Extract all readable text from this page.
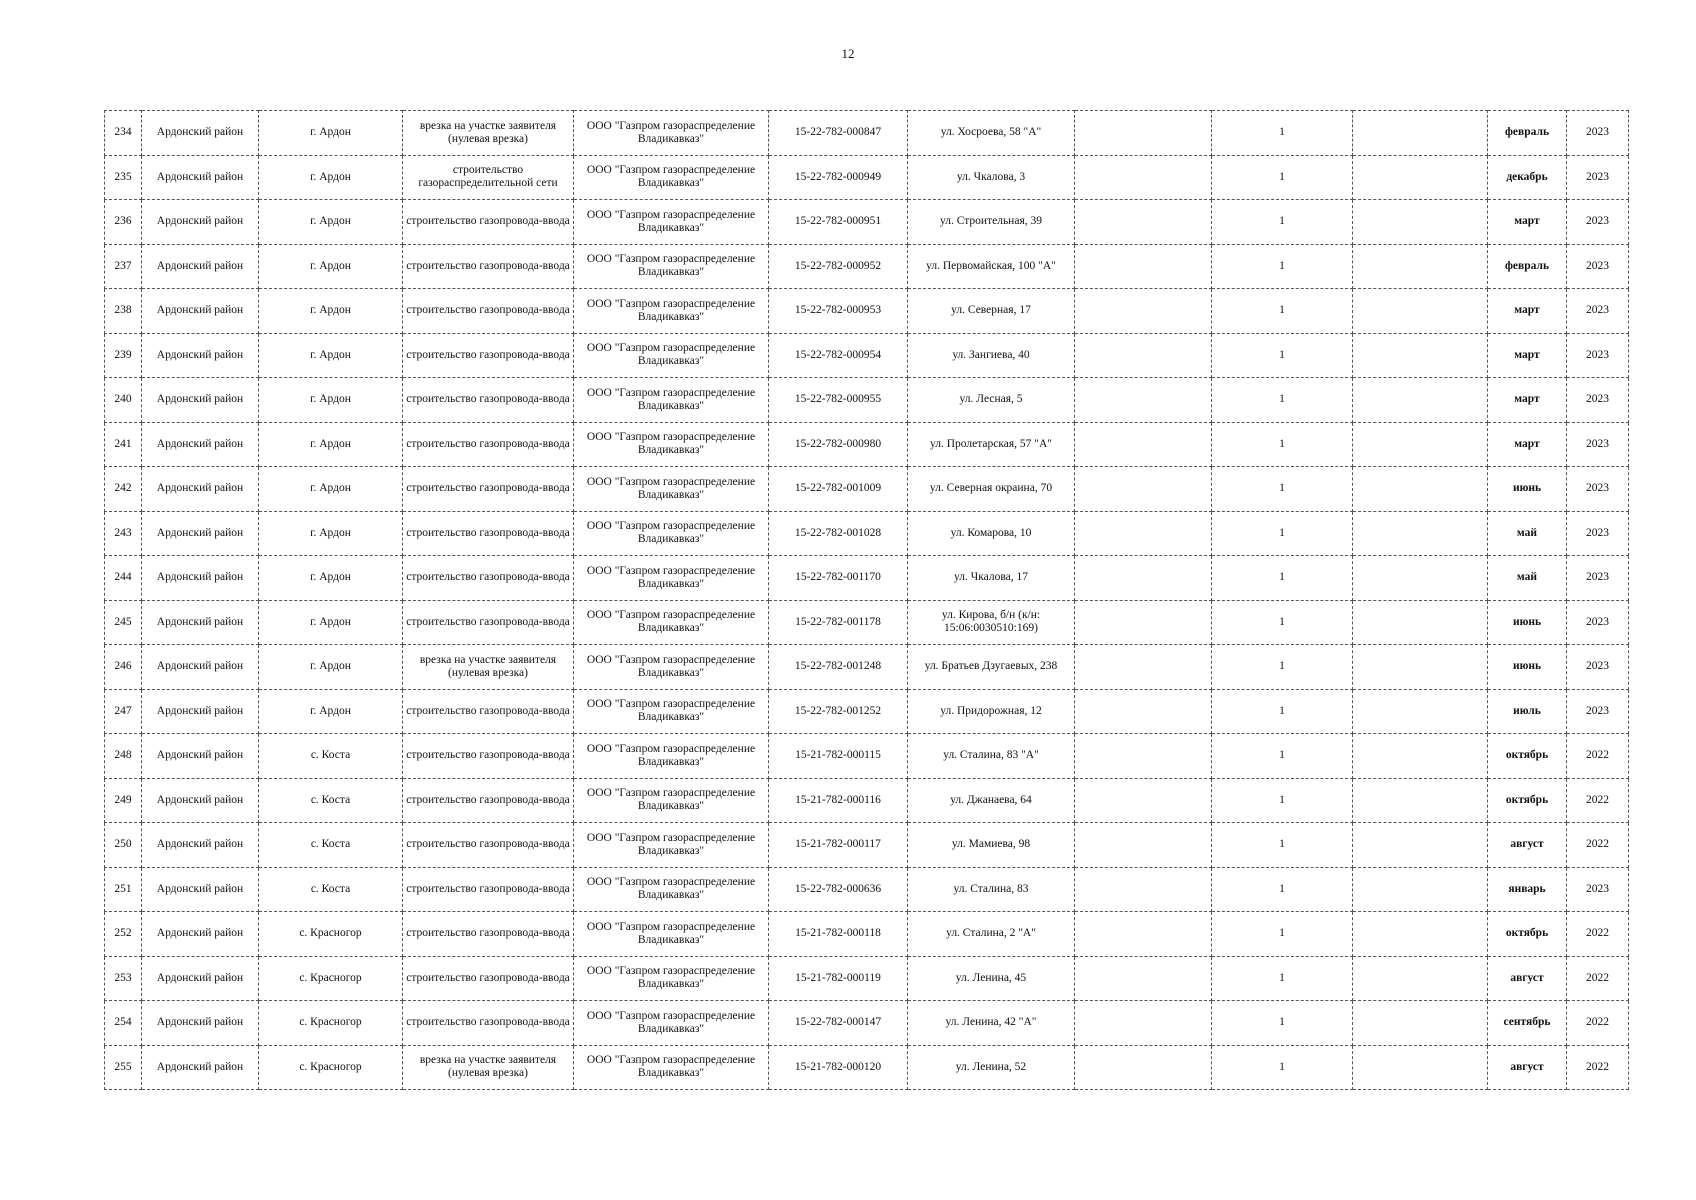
12
234	Ардонский район	г. Ардон	врезка на участке заявителя (нулевая врезка)	ООО "Газпром газораспределение Владикавказ"	15-22-782-000847	ул. Хосроева, 58 "А"		1		февраль	2023
235	Ардонский район	г. Ардон	строительство газораспределительной сети	ООО "Газпром газораспределение Владикавказ"	15-22-782-000949	ул. Чкалова, 3		1		декабрь	2023
236	Ардонский район	г. Ардон	строительство газопровода-ввода	ООО "Газпром газораспределение Владикавказ"	15-22-782-000951	ул. Строительная, 39		1		март	2023
237	Ардонский район	г. Ардон	строительство газопровода-ввода	ООО "Газпром газораспределение Владикавказ"	15-22-782-000952	ул. Первомайская, 100 "А"		1		февраль	2023
238	Ардонский район	г. Ардон	строительство газопровода-ввода	ООО "Газпром газораспределение Владикавказ"	15-22-782-000953	ул. Северная, 17		1		март	2023
239	Ардонский район	г. Ардон	строительство газопровода-ввода	ООО "Газпром газораспределение Владикавказ"	15-22-782-000954	ул. Зангиева, 40		1		март	2023
240	Ардонский район	г. Ардон	строительство газопровода-ввода	ООО "Газпром газораспределение Владикавказ"	15-22-782-000955	ул. Лесная, 5		1		март	2023
241	Ардонский район	г. Ардон	строительство газопровода-ввода	ООО "Газпром газораспределение Владикавказ"	15-22-782-000980	ул. Пролетарская, 57 "А"		1		март	2023
242	Ардонский район	г. Ардон	строительство газопровода-ввода	ООО "Газпром газораспределение Владикавказ"	15-22-782-001009	ул. Северная окраина, 70		1		июнь	2023
243	Ардонский район	г. Ардон	строительство газопровода-ввода	ООО "Газпром газораспределение Владикавказ"	15-22-782-001028	ул. Комарова, 10		1		май	2023
244	Ардонский район	г. Ардон	строительство газопровода-ввода	ООО "Газпром газораспределение Владикавказ"	15-22-782-001170	ул. Чкалова, 17		1		май	2023
245	Ардонский район	г. Ардон	строительство газопровода-ввода	ООО "Газпром газораспределение Владикавказ"	15-22-782-001178	ул. Кирова, б/н (к/н: 15:06:0030510:169)		1		июнь	2023
246	Ардонский район	г. Ардон	врезка на участке заявителя (нулевая врезка)	ООО "Газпром газораспределение Владикавказ"	15-22-782-001248	ул. Братьев Дзугаевых, 238		1		июнь	2023
247	Ардонский район	г. Ардон	строительство газопровода-ввода	ООО "Газпром газораспределение Владикавказ"	15-22-782-001252	ул. Придорожная, 12		1		июль	2023
248	Ардонский район	с. Коста	строительство газопровода-ввода	ООО "Газпром газораспределение Владикавказ"	15-21-782-000115	ул. Сталина, 83 "А"		1		октябрь	2022
249	Ардонский район	с. Коста	строительство газопровода-ввода	ООО "Газпром газораспределение Владикавказ"	15-21-782-000116	ул. Джанаева, 64		1		октябрь	2022
250	Ардонский район	с. Коста	строительство газопровода-ввода	ООО "Газпром газораспределение Владикавказ"	15-21-782-000117	ул. Мамиева, 98		1		август	2022
251	Ардонский район	с. Коста	строительство газопровода-ввода	ООО "Газпром газораспределение Владикавказ"	15-22-782-000636	ул. Сталина, 83		1		январь	2023
252	Ардонский район	с. Красногор	строительство газопровода-ввода	ООО "Газпром газораспределение Владикавказ"	15-21-782-000118	ул. Сталина, 2 "А"		1		октябрь	2022
253	Ардонский район	с. Красногор	строительство газопровода-ввода	ООО "Газпром газораспределение Владикавказ"	15-21-782-000119	ул. Ленина, 45		1		август	2022
254	Ардонский район	с. Красногор	строительство газопровода-ввода	ООО "Газпром газораспределение Владикавказ"	15-22-782-000147	ул. Ленина, 42 "А"		1		сентябрь	2022
255	Ардонский район	с. Красногор	врезка на участке заявителя (нулевая врезка)	ООО "Газпром газораспределение Владикавказ"	15-21-782-000120	ул. Ленина, 52		1		август	2022
